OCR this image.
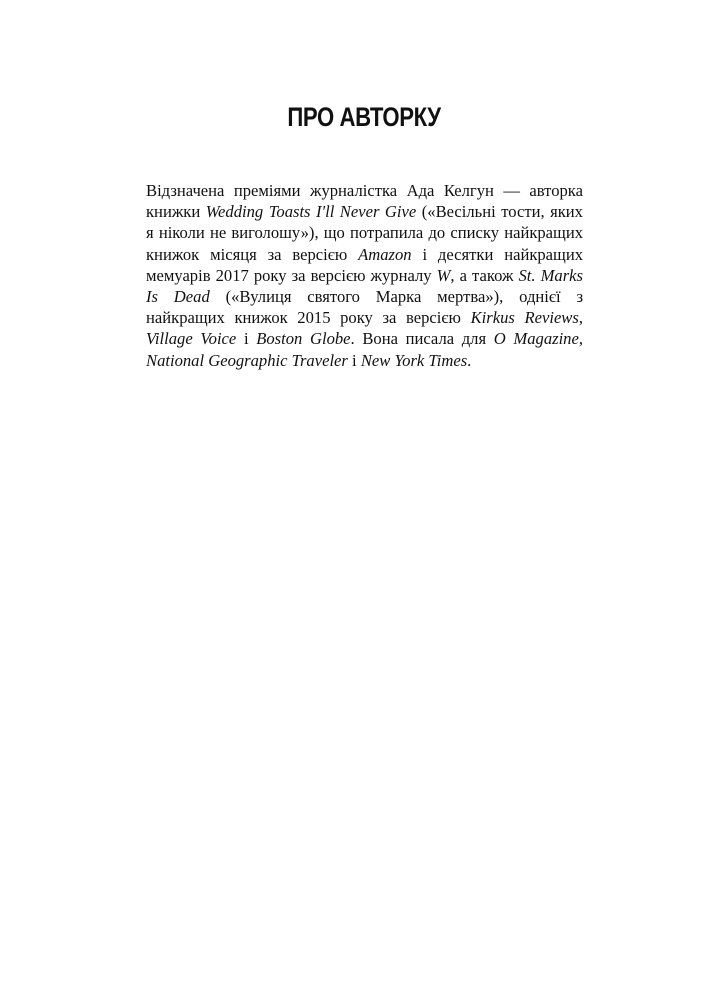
ПРО АВТОРКУ

Відзначена преміями журналістка Ада Келгун — авторка книжки Wedding Toasts I'll Never Give («Весільні тости, яких я ніколи не виголошу»), що потрапила до списку найкращих книжок місяця за версією Amazon і десятки найкращих мемуарів 2017 року за версією журналу W, а також St. Marks Is Dead («Вулиця святого Марка мертва»), однієї з найкращих книжок 2015 року за версією Kirkus Reviews, Village Voice і Boston Globe. Вона писала для O Magazine, National Geographic Traveler і New York Times.
